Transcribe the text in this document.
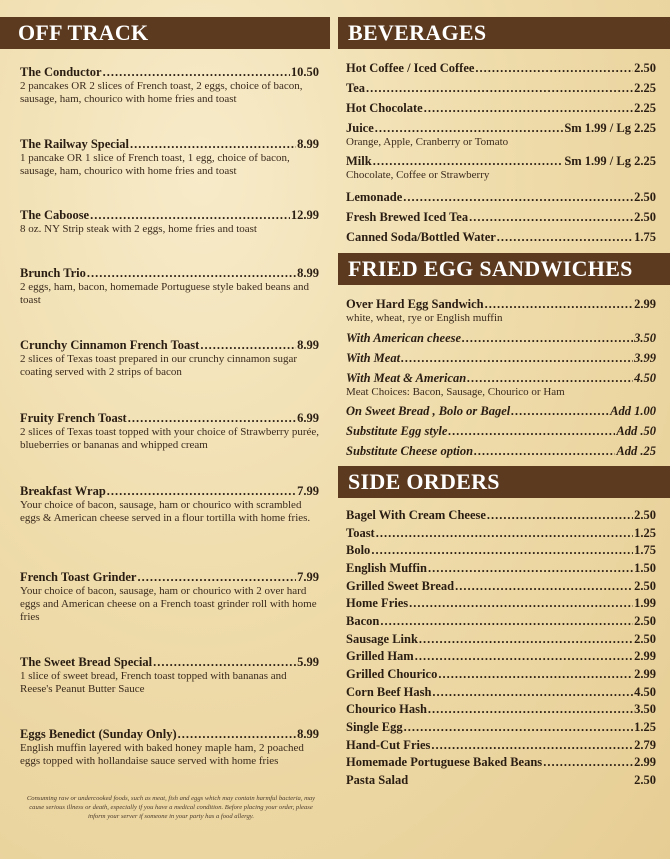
OFF TRACK
The Conductor .....	10.50
2 pancakes OR 2 slices of French toast, 2 eggs, choice of bacon, sausage, ham, chourico with home fries and toast
The Railway Special .....	8.99
1 pancake OR 1 slice of French toast, 1 egg, choice of bacon, sausage, ham, chourico with home fries and toast
The Caboose .....	12.99
8 oz. NY Strip steak with 2 eggs, home fries and toast
Brunch Trio .....	8.99
2 eggs, ham, bacon, homemade Portuguese style baked beans and toast
Crunchy Cinnamon French Toast .....	8.99
2 slices of Texas toast prepared in our crunchy cinnamon sugar coating served with 2 strips of bacon
Fruity French Toast .....	6.99
2 slices of Texas toast topped with your choice of Strawberry purée, blueberries or bananas and whipped cream
Breakfast Wrap .....	7.99
Your choice of bacon, sausage, ham or chourico with scrambled eggs & American cheese served in a flour tortilla with home fries.
French Toast Grinder .....	7.99
Your choice of bacon, sausage, ham or chourico with 2 over hard eggs and American cheese on a French toast grinder roll with home fries
The Sweet Bread Special .....	5.99
1 slice of sweet bread, French toast topped with bananas and Reese's Peanut Butter Sauce
Eggs Benedict (Sunday Only) .....	8.99
English muffin layered with baked honey maple ham, 2 poached eggs topped with hollandaise sauce served with home fries
Consuming raw or undercooked foods, such as meat, fish and eggs which may contain harmful bacteria, may cause serious illness or death, especially if you have a medical condition. Before placing your order, please inform your server if someone in your party has a food allergy.
BEVERAGES
Hot Coffee / Iced Coffee .....	2.50
Tea .....	2.25
Hot Chocolate .....	2.25
Juice .....	Sm 1.99 / Lg 2.25
Orange, Apple, Cranberry or Tomato
Milk .....	Sm 1.99 / Lg 2.25
Chocolate, Coffee or Strawberry
Lemonade .....	2.50
Fresh Brewed Iced Tea .....	2.50
Canned Soda/Bottled Water .....	1.75
FRIED EGG SANDWICHES
Over Hard Egg Sandwich .....	2.99
white, wheat, rye or English muffin
With American cheese .....	3.50
With Meat .....	3.99
With Meat & American .....	4.50
Meat Choices: Bacon, Sausage, Chourico or Ham
On Sweet Bread , Bolo or Bagel .....	Add 1.00
Substitute Egg style .....	Add .50
Substitute Cheese option .....	Add .25
SIDE ORDERS
Bagel With Cream Cheese .....	2.50
Toast .....	1.25
Bolo .....	1.75
English Muffin .....	1.50
Grilled Sweet Bread .....	2.50
Home Fries .....	1.99
Bacon .....	2.50
Sausage Link .....	2.50
Grilled Ham .....	2.99
Grilled Chourico .....	2.99
Corn Beef Hash .....	4.50
Chourico Hash .....	3.50
Single Egg .....	1.25
Hand-Cut Fries .....	2.79
Homemade Portuguese Baked Beans .....	2.99
Pasta Salad	2.50
